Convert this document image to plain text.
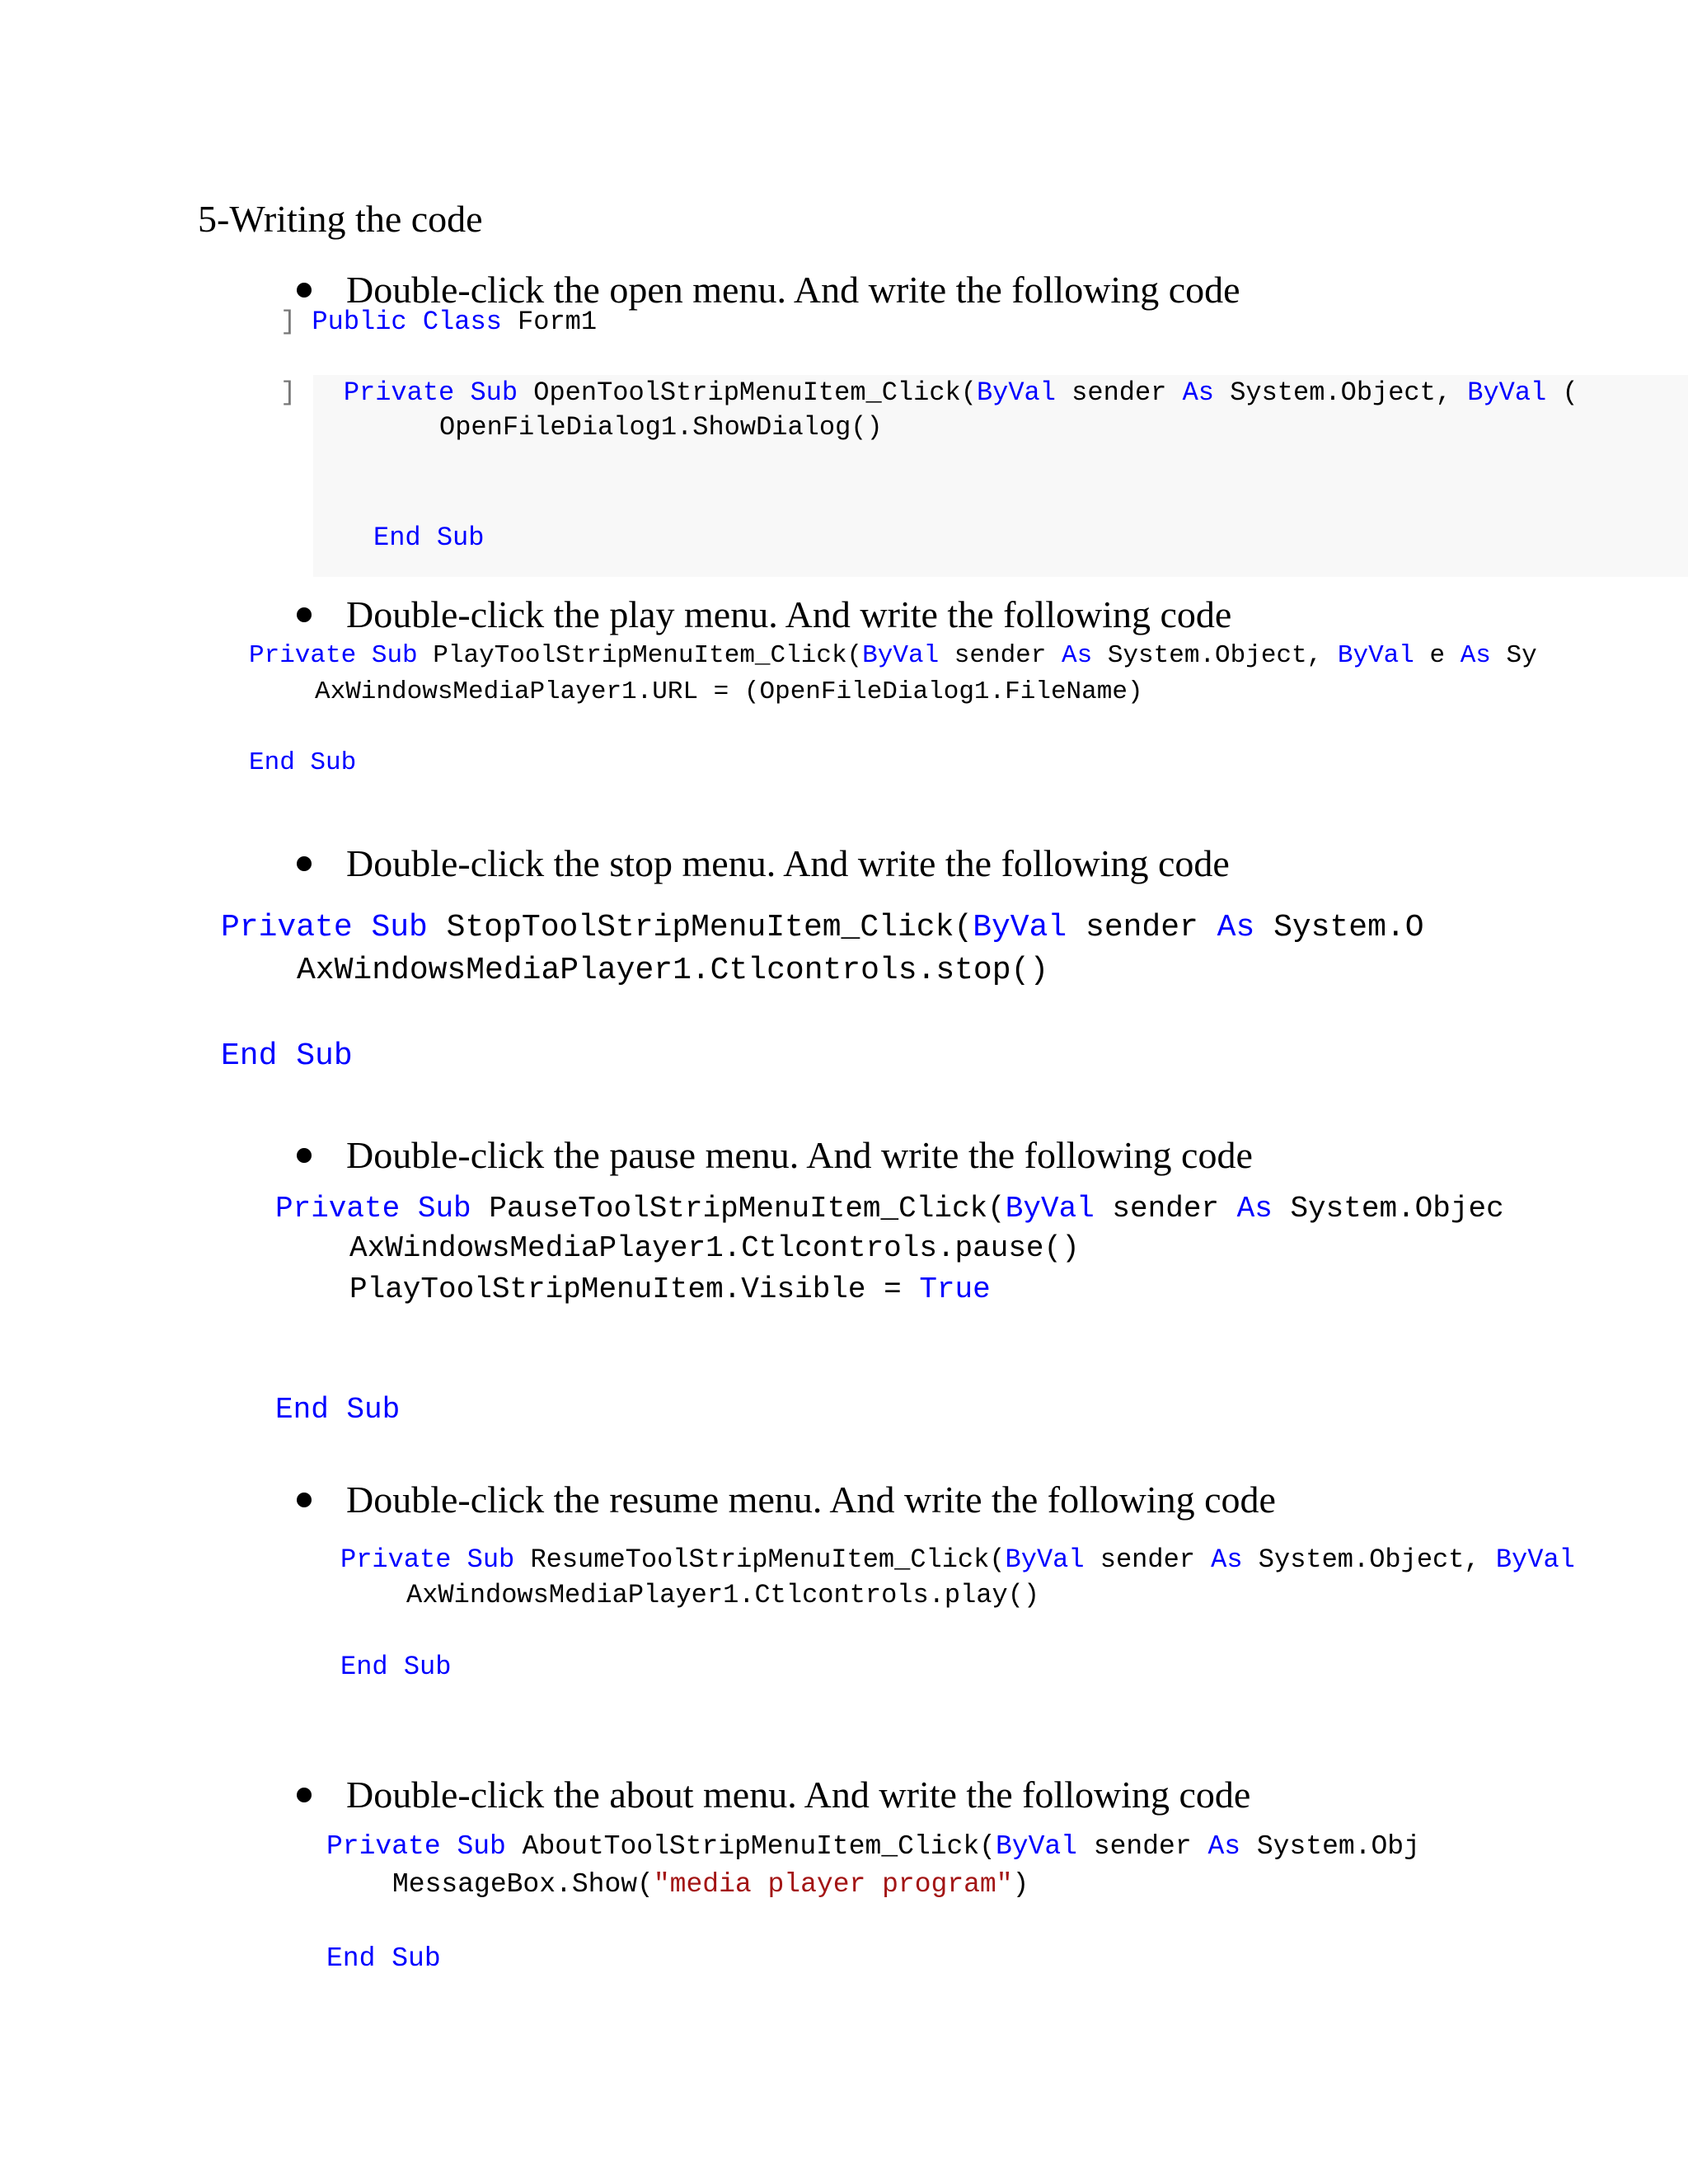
5-Writing the code
Double-click the open menu. And write the following code
] Public Class Form1
] Private Sub OpenToolStripMenuItem_Click(ByVal sender As System.Object, ByVal (
OpenFileDialog1.ShowDialog()
End Sub
Double-click the play menu. And write the following code
Private Sub PlayToolStripMenuItem_Click(ByVal sender As System.Object, ByVal e As Sy
AxWindowsMediaPlayer1.URL = (OpenFileDialog1.FileName)
End Sub
Double-click the stop menu. And write the following code
Private Sub StopToolStripMenuItem_Click(ByVal sender As System.O
AxWindowsMediaPlayer1.Ctlcontrols.stop()
End Sub
Double-click the pause menu. And write the following code
Private Sub PauseToolStripMenuItem_Click(ByVal sender As System.Objec
AxWindowsMediaPlayer1.Ctlcontrols.pause()
PlayToolStripMenuItem.Visible = True
End Sub
Double-click the resume menu. And write the following code
Private Sub ResumeToolStripMenuItem_Click(ByVal sender As System.Object, ByVal
AxWindowsMediaPlayer1.Ctlcontrols.play()
End Sub
Double-click the about menu. And write the following code
Private Sub AboutToolStripMenuItem_Click(ByVal sender As System.Obj
MessageBox.Show("media player program")
End Sub
